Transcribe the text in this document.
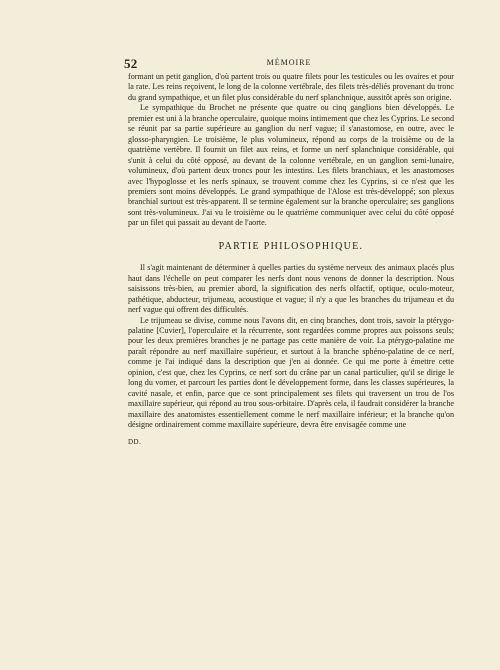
52	MÉMOIRE

formant un petit ganglion, d'où partent trois ou quatre filets pour les testicules ou les ovaires et pour la rate. Les reins reçoivent, le long de la colonne vertébrale, des filets très-déliés provenant du tronc du grand sympathique, et un filet plus considérable du nerf splanchnique, aussitôt après son origine.

Le sympathique du Brochet ne présente que quatre ou cinq ganglions bien développés. Le premier est uni à la branche operculaire, quoique moins intimement que chez les Cyprins. Le second se réunit par sa partie supérieure au ganglion du nerf vague; il s'anastomose, en outre, avec le glosso-pharyngien. Le troisième, le plus volumineux, répond au corps de la troisième ou de la quatrième vertèbre. Il fournit un filet aux reins, et forme un nerf splanchnique considérable, qui s'unit à celui du côté opposé, au devant de la colonne vertébrale, en un ganglion semi-lunaire, volumineux, d'où partent deux troncs pour les intestins. Les filets branchiaux, et les anastomoses avec l'hypoglosse et les nerfs spinaux, se trouvent comme chez les Cyprins, si ce n'est que les premiers sont moins développés. Le grand sympathique de l'Alose est très-développé; son plexus branchial surtout est très-apparent. Il se termine également sur la branche operculaire; ses ganglions sont très-volumineux. J'ai vu le troisième ou le quatrième communiquer avec celui du côté opposé par un filet qui passait au devant de l'aorte.

PARTIE PHILOSOPHIQUE.

Il s'agit maintenant de déterminer à quelles parties du système nerveux des animaux placés plus haut dans l'échelle on peut comparer les nerfs dont nous venons de donner la description. Nous saisissons très-bien, au premier abord, la signification des nerfs olfactif, optique, oculo-moteur, pathétique, abducteur, trijumeau, acoustique et vague; il n'y a que les branches du trijumeau et du nerf vague qui offrent des difficultés.

Le trijumeau se divise, comme nous l'avons dit, en cinq branches, dont trois, savoir la ptérygo-palatine [Cuvier], l'operculaire et la récurrente, sont regardées comme propres aux poissons seuls; pour les deux premières branches je ne partage pas cette manière de voir. La ptérygo-palatine me paraît répondre au nerf maxillaire supérieur, et surtout à la branche sphéno-palatine de ce nerf, comme je l'ai indiqué dans la description que j'en ai donnée. Ce qui me porte à émettre cette opinion, c'est que, chez les Cyprins, ce nerf sort du crâne par un canal particulier, qu'il se dirige le long du vomer, et parcourt les parties dont le développement forme, dans les classes supérieures, la cavité nasale, et enfin, parce que ce sont principalement ses filets qui traversent un trou de l'os maxillaire supérieur, qui répond au trou sous-orbitaire. D'après cela, il faudrait considérer la branche maxillaire des anatomistes essentiellement comme le nerf maxillaire inférieur; et la branche qu'on désigne ordinairement comme maxillaire supérieure, devra être envisagée comme une

DD.
